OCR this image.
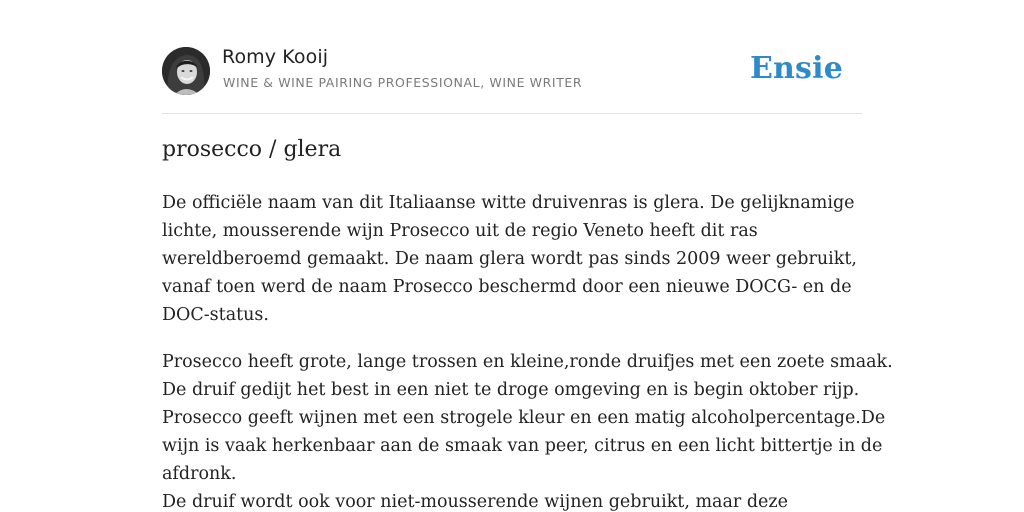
Romy Kooij
WINE & WINE PAIRING PROFESSIONAL, WINE WRITER	Ensie
prosecco / glera

De officiële naam van dit Italiaanse witte druivenras is glera. De gelijknamige
lichte, mousserende wijn Prosecco uit de regio Veneto heeft dit ras
wereldberoemd gemaakt. De naam glera wordt pas sinds 2009 weer gebruikt,
vanaf toen werd de naam Prosecco beschermd door een nieuwe DOCG- en de
DOC-status.

Prosecco heeft grote, lange trossen en kleine,ronde druifjes met een zoete smaak.
De druif gedijt het best in een niet te droge omgeving en is begin oktober rijp.
Prosecco geeft wijnen met een strogele kleur en een matig alcoholpercentage.De
wijn is vaak herkenbaar aan de smaak van peer, citrus en een licht bittertje in de
afdronk.
De druif wordt ook voor niet-mousserende wijnen gebruikt, maar deze
